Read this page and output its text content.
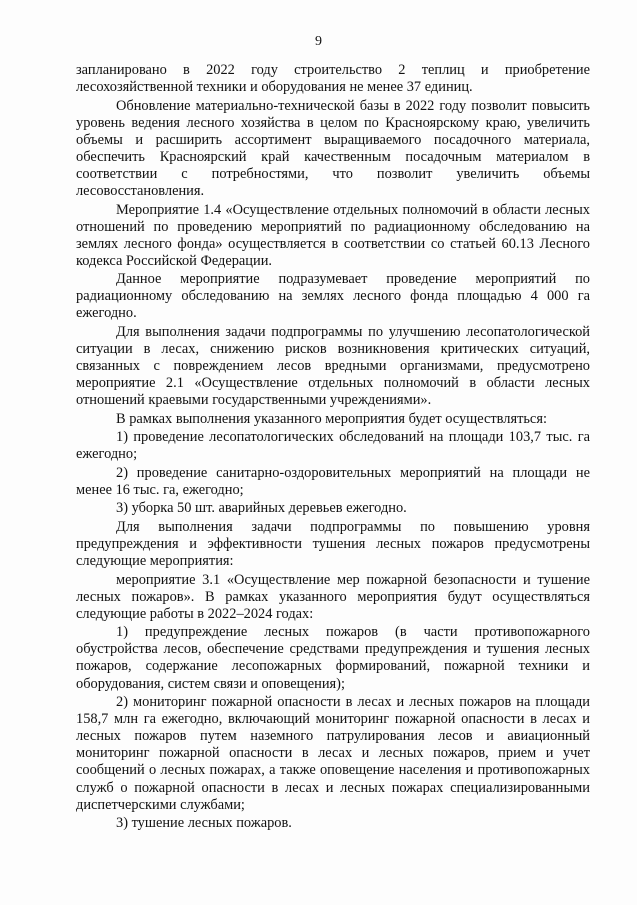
9

запланировано в 2022 году строительство 2 теплиц и приобретение лесохозяйственной техники и оборудования не менее 37 единиц.

Обновление материально-технической базы в 2022 году позволит повысить уровень ведения лесного хозяйства в целом по Красноярскому краю, увеличить объемы и расширить ассортимент выращиваемого посадочного материала, обеспечить Красноярский край качественным посадочным материалом в соответствии с потребностями, что позволит увеличить объемы лесовосстановления.

Мероприятие 1.4 «Осуществление отдельных полномочий в области лесных отношений по проведению мероприятий по радиационному обследованию на землях лесного фонда» осуществляется в соответствии со статьей 60.13 Лесного кодекса Российской Федерации.

Данное мероприятие подразумевает проведение мероприятий по радиационному обследованию на землях лесного фонда площадью 4 000 га ежегодно.

Для выполнения задачи подпрограммы по улучшению лесопатологической ситуации в лесах, снижению рисков возникновения критических ситуаций, связанных с повреждением лесов вредными организмами, предусмотрено мероприятие 2.1 «Осуществление отдельных полномочий в области лесных отношений краевыми государственными учреждениями».

В рамках выполнения указанного мероприятия будет осуществляться:

1) проведение лесопатологических обследований на площади 103,7 тыс. га ежегодно;

2) проведение санитарно-оздоровительных мероприятий на площади не менее 16 тыс. га, ежегодно;

3) уборка 50 шт. аварийных деревьев ежегодно.

Для выполнения задачи подпрограммы по повышению уровня предупреждения и эффективности тушения лесных пожаров предусмотрены следующие мероприятия:

мероприятие 3.1 «Осуществление мер пожарной безопасности и тушение лесных пожаров». В рамках указанного мероприятия будут осуществляться следующие работы в 2022–2024 годах:

1) предупреждение лесных пожаров (в части противопожарного обустройства лесов, обеспечение средствами предупреждения и тушения лесных пожаров, содержание лесопожарных формирований, пожарной техники и оборудования, систем связи и оповещения);

2) мониторинг пожарной опасности в лесах и лесных пожаров на площади 158,7 млн га ежегодно, включающий мониторинг пожарной опасности в лесах и лесных пожаров путем наземного патрулирования лесов и авиационный мониторинг пожарной опасности в лесах и лесных пожаров, прием и учет сообщений о лесных пожарах, а также оповещение населения и противопожарных служб о пожарной опасности в лесах и лесных пожарах специализированными диспетчерскими службами;

3) тушение лесных пожаров.
